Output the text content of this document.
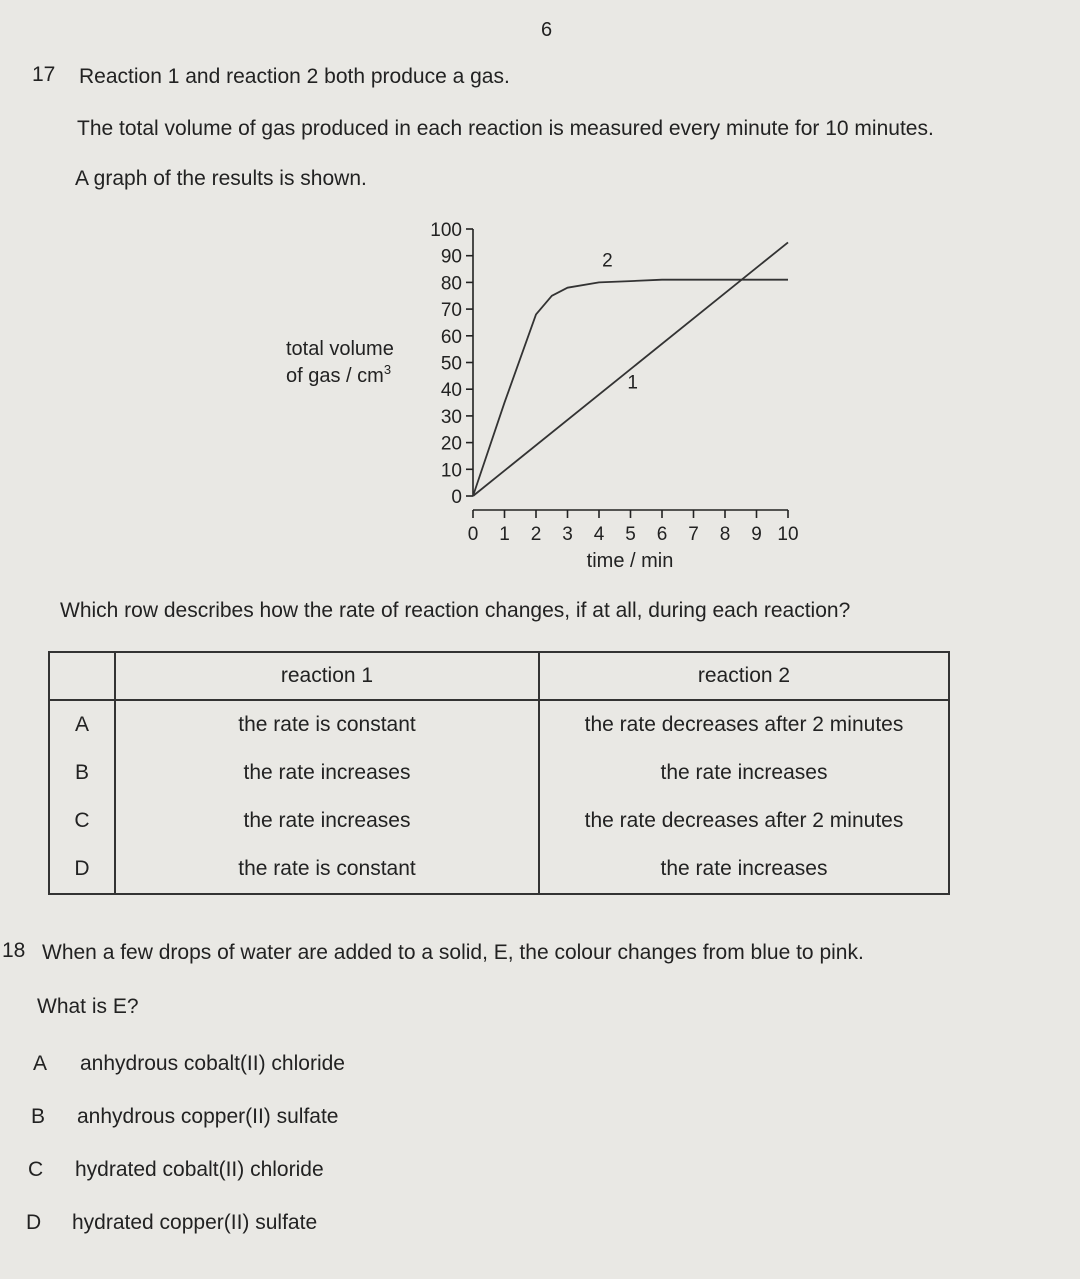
6
17 Reaction 1 and reaction 2 both produce a gas.
The total volume of gas produced in each reaction is measured every minute for 10 minutes.
A graph of the results is shown.
total volume
of gas / $cm^3$
0
10
20
30
40
50
60
70
80
90
100
0 1 2 3 4 5 6 7 8 9 10
1
2
time / min
Which row describes how the rate of reaction changes, if at all, during each reaction?
	reaction 1	reaction 2
A	the rate is constant	the rate decreases after 2 minutes
B	the rate increases	the rate increases
C	the rate increases	the rate decreases after 2 minutes
D	the rate is constant	the rate increases
18 When a few drops of water are added to a solid, E, the colour changes from blue to pink.
What is E?
A anhydrous cobalt(II) chloride
B anhydrous copper(II) sulfate
C hydrated cobalt(II) chloride
D hydrated copper(II) sulfate
